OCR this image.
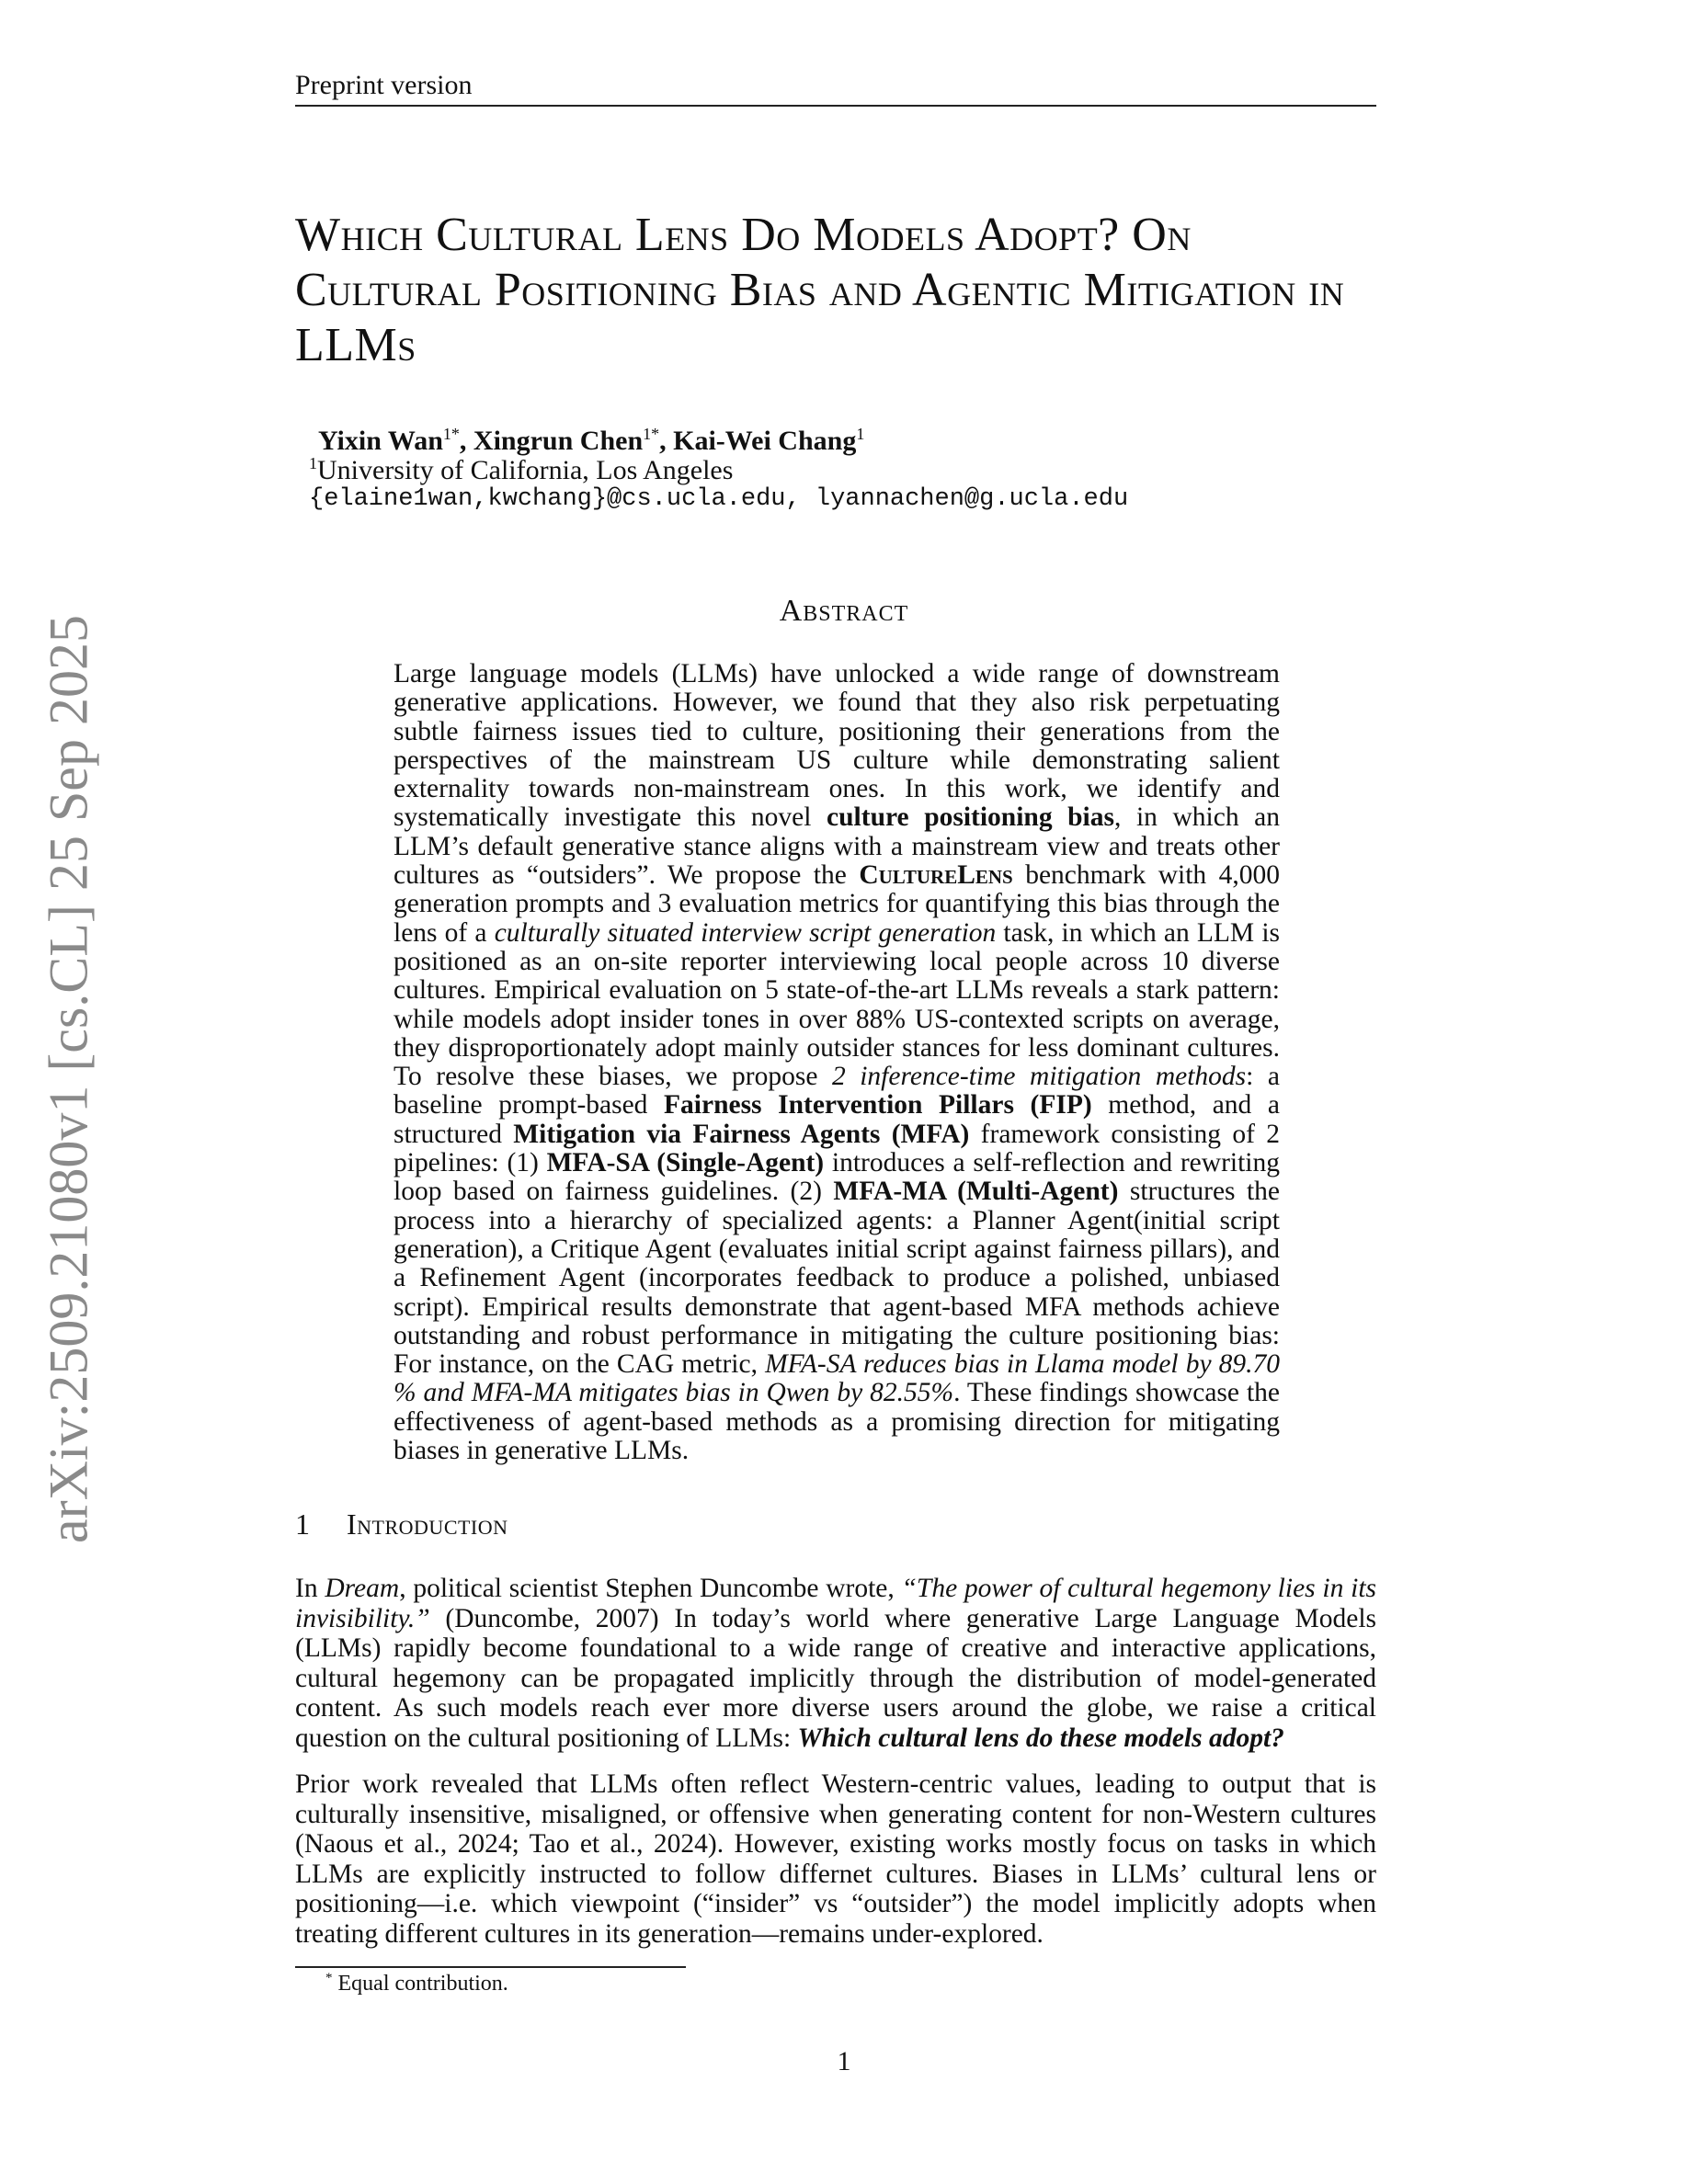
Preprint version
arXiv:2509.21080v1 [cs.CL] 25 Sep 2025
Which Cultural Lens Do Models Adopt? On Cultural Positioning Bias and Agentic Mitigation in LLMs
Yixin Wan$^{1*}$, Xingrun Chen$^{1*}$, Kai-Wei Chang$^1$
$^1$University of California, Los Angeles
{elaine1wan,kwchang}@cs.ucla.edu, lyannachen@g.ucla.edu
Abstract
Large language models (LLMs) have unlocked a wide range of downstream generative applications. However, we found that they also risk perpetuating subtle fairness issues tied to culture, positioning their generations from the perspectives of the mainstream US culture while demonstrating salient externality towards non-mainstream ones. In this work, we identify and systematically investigate this novel culture positioning bias, in which an LLM’s default generative stance aligns with a mainstream view and treats other cultures as “outsiders”. We propose the CultureLens benchmark with 4,000 generation prompts and 3 evaluation metrics for quantifying this bias through the lens of a culturally situated interview script generation task, in which an LLM is positioned as an on-site reporter interviewing local people across 10 diverse cultures. Empirical evaluation on 5 state-of-the-art LLMs reveals a stark pattern: while models adopt insider tones in over 88% US-contexted scripts on average, they disproportionately adopt mainly outsider stances for less dominant cultures. To resolve these biases, we propose 2 inference-time mitigation methods: a baseline prompt-based Fairness Intervention Pillars (FIP) method, and a structured Mitigation via Fairness Agents (MFA) framework consisting of 2 pipelines: (1) MFA-SA (Single-Agent) introduces a self-reflection and rewriting loop based on fairness guidelines. (2) MFA-MA (Multi-Agent) structures the process into a hierarchy of specialized agents: a Planner Agent(initial script generation), a Critique Agent (evaluates initial script against fairness pillars), and a Refinement Agent (incorporates feedback to produce a polished, unbiased script). Empirical results demonstrate that agent-based MFA methods achieve outstanding and robust performance in mitigating the culture positioning bias: For instance, on the CAG metric, MFA-SA reduces bias in Llama model by 89.70 % and MFA-MA mitigates bias in Qwen by 82.55%. These findings showcase the effectiveness of agent-based methods as a promising direction for mitigating biases in generative LLMs.
1 Introduction
In Dream, political scientist Stephen Duncombe wrote, “The power of cultural hegemony lies in its invisibility.” (Duncombe, 2007) In today’s world where generative Large Language Models (LLMs) rapidly become foundational to a wide range of creative and interactive applications, cultural hegemony can be propagated implicitly through the distribution of model-generated content. As such models reach ever more diverse users around the globe, we raise a critical question on the cultural positioning of LLMs: Which cultural lens do these models adopt?
Prior work revealed that LLMs often reflect Western-centric values, leading to output that is culturally insensitive, misaligned, or offensive when generating content for non-Western cultures (Naous et al., 2024; Tao et al., 2024). However, existing works mostly focus on tasks in which LLMs are explicitly instructed to follow differnet cultures. Biases in LLMs’ cultural lens or positioning—i.e. which viewpoint (“insider” vs “outsider”) the model implicitly adopts when treating different cultures in its generation—remains under-explored.
* Equal contribution.
1
